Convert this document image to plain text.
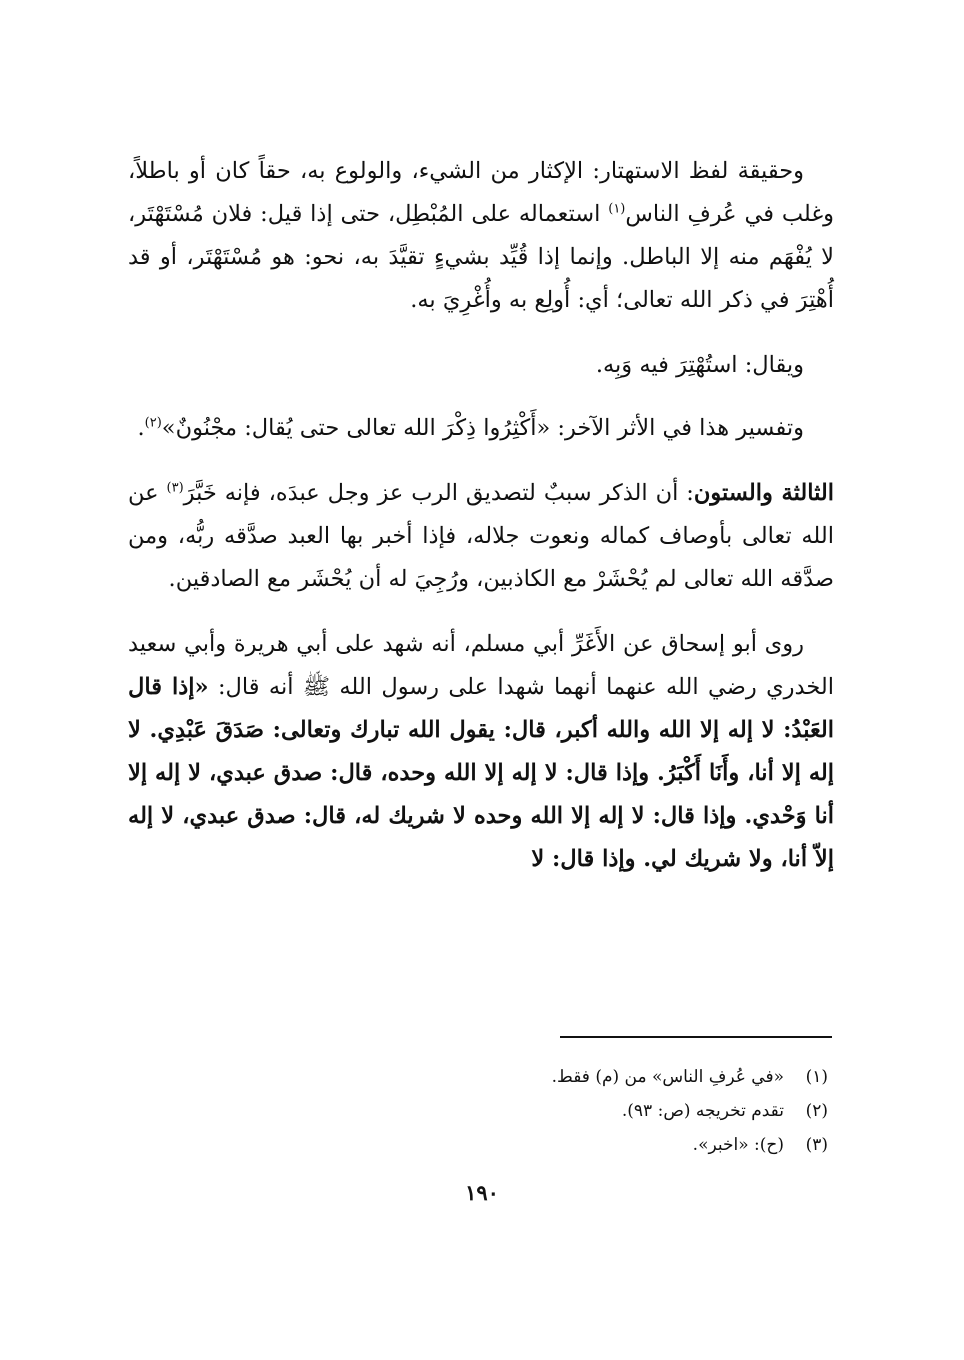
وحقيقة لفظ الاستهتار: الإكثار من الشيء، والولوع به، حقاً كان أو باطلاً، وغلب في عُرفِ الناس$^{(١)}$ استعماله على المُبْطِل، حتى إذا قيل: فلان مُسْتَهْتَر، لا يُفْهَم منه إلا الباطل. وإنما إذا قُيِّد بشيءٍ تقيَّدَ به، نحو: هو مُسْتَهْتَر، أو قد أُهْتِرَ في ذكر الله تعالى؛ أي: أُولِع به وأُغْرِيَ به.

ويقال: استُهْتِرَ فيه وَبِه.

وتفسير هذا في الأثر الآخر: «أَكْثِرُوا ذِكْرَ الله تعالى حتى يُقال: مجْنُونٌ»$^{(٢)}$.

الثالثة والستون: أن الذكر سببٌ لتصديق الرب عز وجل عبدَه، فإنه خَبَّرَ$^{(٣)}$ عن الله تعالى بأوصاف كماله ونعوت جلاله، فإذا أخبر بها العبد صدَّقه ربُّه، ومن صدَّقه الله تعالى لم يُحْشَرْ مع الكاذبين، ورُجِيَ له أن يُحْشَر مع الصادقين.

روى أبو إسحاق عن الأَغَرِّ أبي مسلم، أنه شهد على أبي هريرة وأبي سعيد الخدري رضي الله عنهما أنهما شهدا على رسول الله ﷺ أنه قال: «إذا قال العَبْدُ: لا إله إلا الله والله أكبر، قال: يقول الله تبارك وتعالى: صَدَقَ عَبْدِي. لا إله إلا أنا، وأَنَا أَكْبَرُ. وإذا قال: لا إله إلا الله وحده، قال: صدق عبدي، لا إله إلا أنا وَحْدي. وإذا قال: لا إله إلا الله وحده لا شريك له، قال: صدق عبدي، لا إله إلاّ أنا، ولا شريك لي. وإذا قال: لا

(١)
«في عُرفِ الناس» من (م) فقط.
(٢)
تقدم تخريجه (ص: ٩٣).
(٣)
(ح): «اخبر».
١٩٠
